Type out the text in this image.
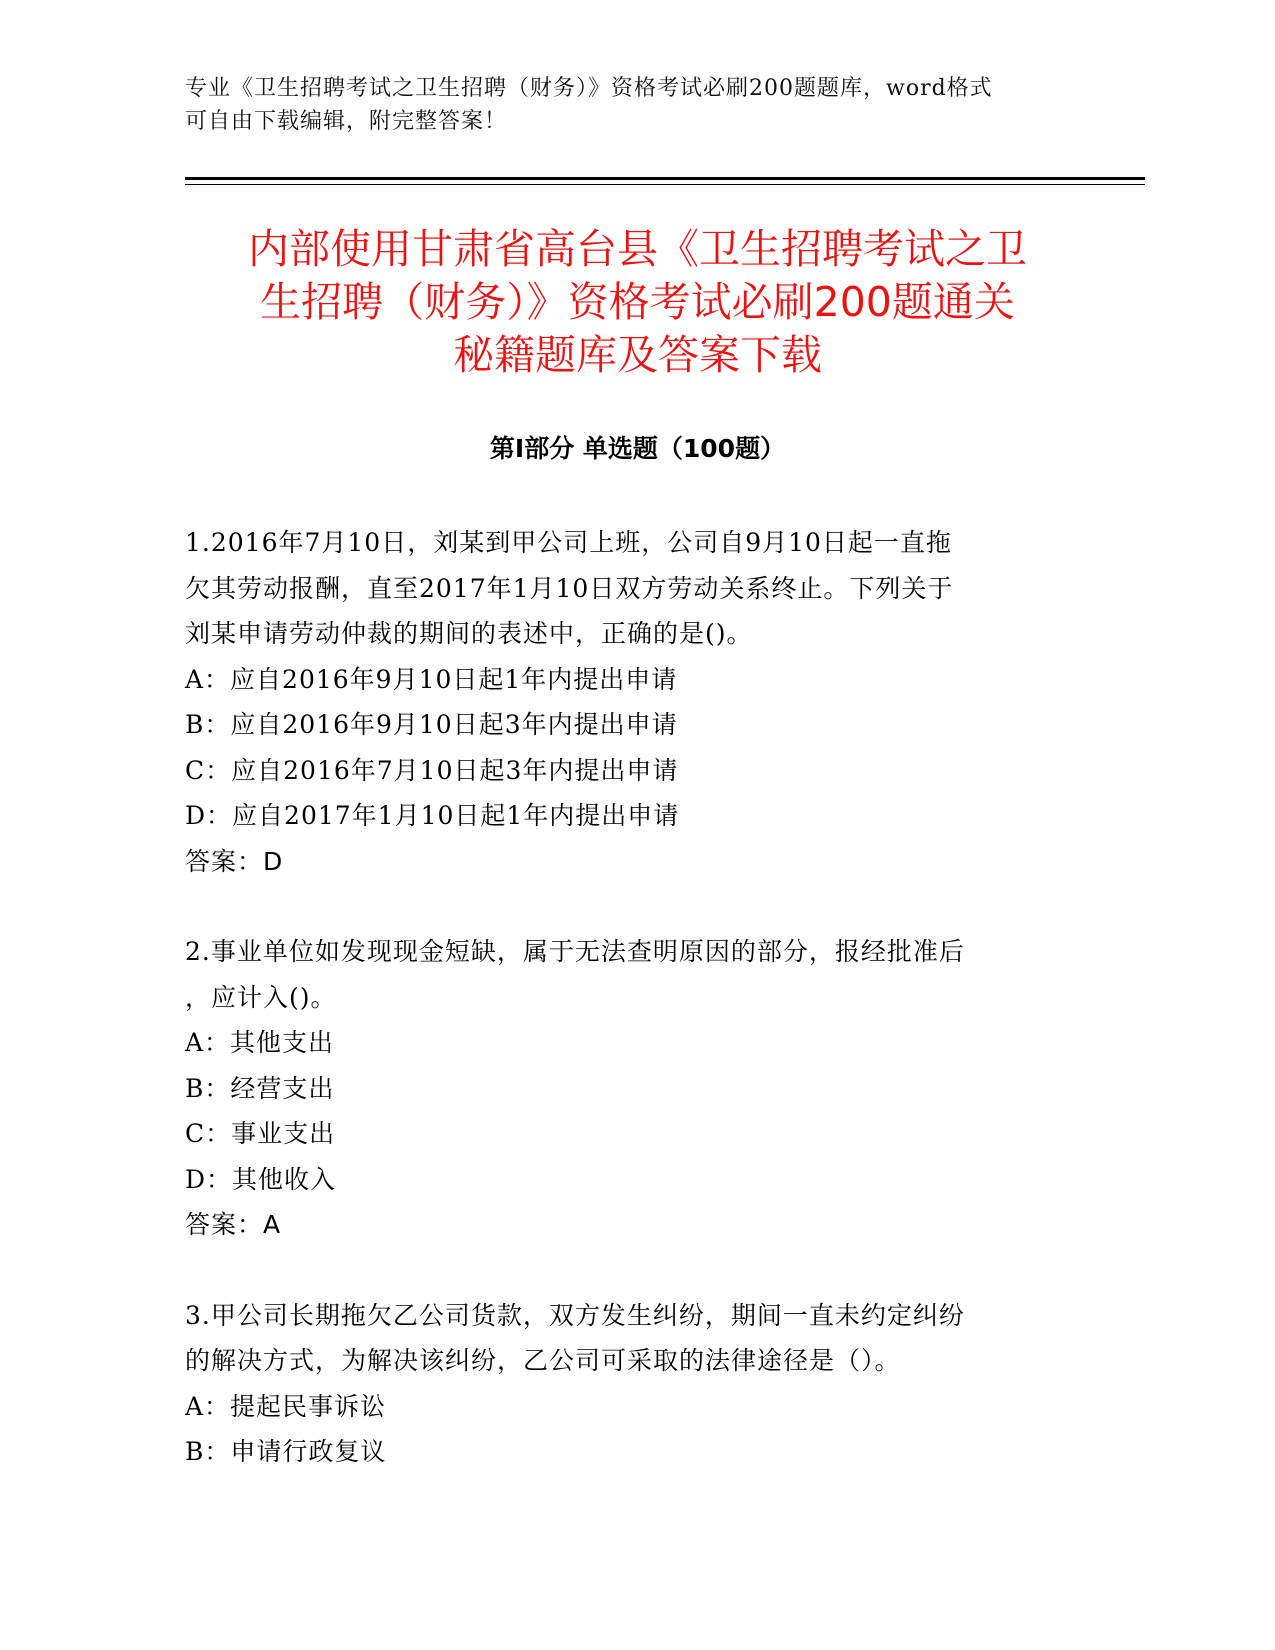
专业《卫生招聘考试之卫生招聘（财务）》资格考试必刷200题题库，word格式
可自由下载编辑，附完整答案！
内部使用甘肃省高台县《卫生招聘考试之卫
生招聘（财务）》资格考试必刷200题通关
秘籍题库及答案下载
第I部分 单选题（100题）

1.2016年7月10日，刘某到甲公司上班，公司自9月10日起一直拖

欠其劳动报酬，直至2017年1月10日双方劳动关系终止。下列关于

刘某申请劳动仲裁的期间的表述中，正确的是()。

A：应自2016年9月10日起1年内提出申请

B：应自2016年9月10日起3年内提出申请

C：应自2016年7月10日起3年内提出申请

D：应自2017年1月10日起1年内提出申请

答案：D

2.事业单位如发现现金短缺，属于无法查明原因的部分，报经批准后

，应计入()。

A：其他支出

B：经营支出

C：事业支出

D：其他收入

答案：A

3.甲公司长期拖欠乙公司货款，双方发生纠纷，期间一直未约定纠纷

的解决方式，为解决该纠纷，乙公司可采取的法律途径是（）。

A：提起民事诉讼

B：申请行政复议
